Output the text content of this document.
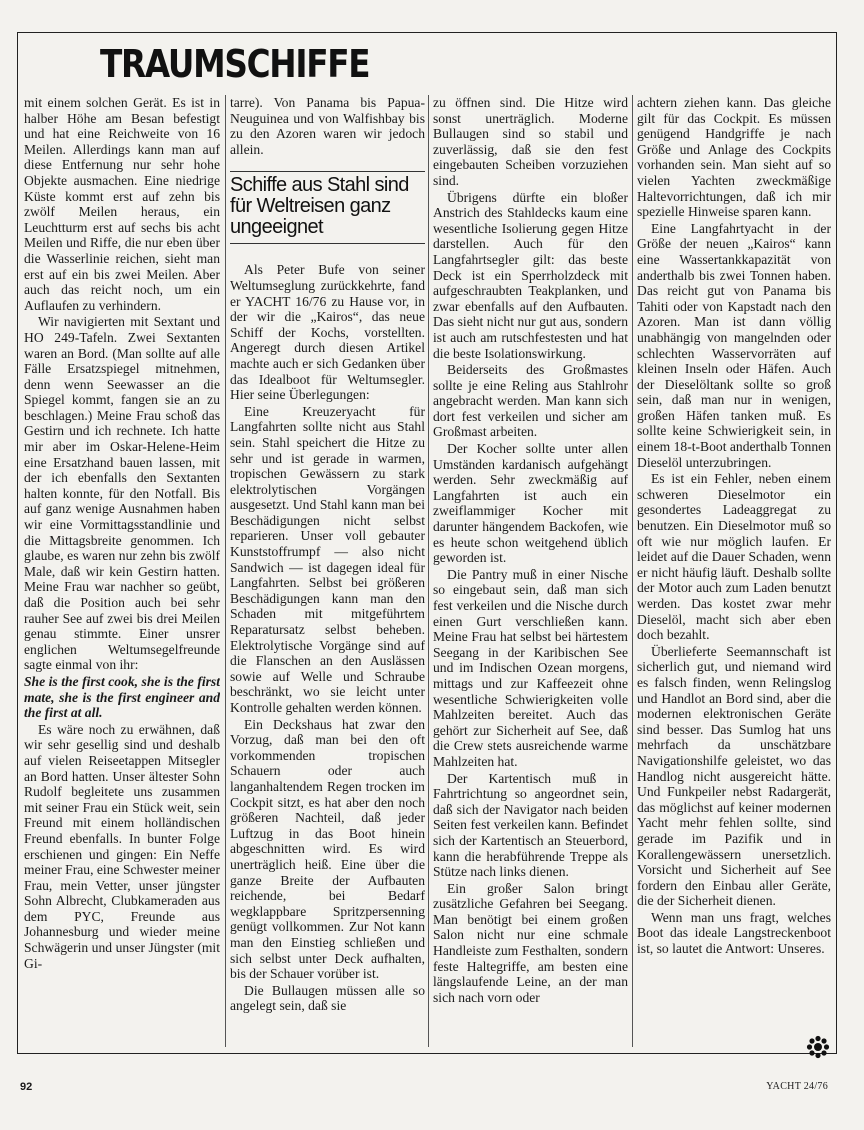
TRAUMSCHIFFE

mit einem solchen Gerät. Es ist in halber Höhe am Besan befestigt und hat eine Reichweite von 16 Meilen. Allerdings kann man auf diese Entfernung nur sehr hohe Objekte ausmachen. Eine niedrige Küste kommt erst auf zehn bis zwölf Meilen heraus, ein Leuchtturm erst auf sechs bis acht Meilen und Riffe, die nur eben über die Wasserlinie reichen, sieht man erst auf ein bis zwei Meilen. Aber auch das reicht noch, um ein Auflaufen zu verhindern.

Wir navigierten mit Sextant und HO 249-Tafeln. Zwei Sextanten waren an Bord. (Man sollte auf alle Fälle Ersatzspiegel mitnehmen, denn wenn Seewasser an die Spiegel kommt, fangen sie an zu beschlagen.) Meine Frau schoß das Gestirn und ich rechnete. Ich hatte mir aber im Oskar-Helene-Heim eine Ersatzhand bauen lassen, mit der ich ebenfalls den Sextanten halten konnte, für den Notfall. Bis auf ganz wenige Ausnahmen haben wir eine Vormittagsstandlinie und die Mittagsbreite genommen. Ich glaube, es waren nur zehn bis zwölf Male, daß wir kein Gestirn hatten. Meine Frau war nachher so geübt, daß die Position auch bei sehr rauher See auf zwei bis drei Meilen genau stimmte. Einer unsrer englichen Weltumsegelfreunde sagte einmal von ihr:

She is the first cook, she is the first mate, she is the first engineer and the first at all.

Es wäre noch zu erwähnen, daß wir sehr gesellig sind und deshalb auf vielen Reiseetappen Mitsegler an Bord hatten. Unser ältester Sohn Rudolf begleitete uns zusammen mit seiner Frau ein Stück weit, sein Freund mit einem holländischen Freund ebenfalls. In bunter Folge erschienen und gingen: Ein Neffe meiner Frau, eine Schwester meiner Frau, mein Vetter, unser jüngster Sohn Albrecht, Clubkameraden aus dem PYC, Freunde aus Johannesburg und wieder meine Schwägerin und unser Jüngster (mit Gi-

tarre). Von Panama bis Papua-Neuguinea und von Walfishbay bis zu den Azoren waren wir jedoch allein.

Schiffe aus Stahl sind für Weltreisen ganz ungeeignet

Als Peter Bufe von seiner Weltumseglung zurückkehrte, fand er YACHT 16/76 zu Hause vor, in der wir die „Kairos“, das neue Schiff der Kochs, vorstellten. Angeregt durch diesen Artikel machte auch er sich Gedanken über das Idealboot für Weltumsegler. Hier seine Überlegungen:

Eine Kreuzeryacht für Langfahrten sollte nicht aus Stahl sein. Stahl speichert die Hitze zu sehr und ist gerade in warmen, tropischen Gewässern zu stark elektrolytischen Vorgängen ausgesetzt. Und Stahl kann man bei Beschädigungen nicht selbst reparieren. Unser voll gebauter Kunststoffrumpf — also nicht Sandwich — ist dagegen ideal für Langfahrten. Selbst bei größeren Beschädigungen kann man den Schaden mit mitgeführtem Reparatursatz selbst beheben. Elektrolytische Vorgänge sind auf die Flanschen an den Auslässen sowie auf Welle und Schraube beschränkt, wo sie leicht unter Kontrolle gehalten werden können.

Ein Deckshaus hat zwar den Vorzug, daß man bei den oft vorkommenden tropischen Schauern oder auch langanhaltendem Regen trocken im Cockpit sitzt, es hat aber den noch größeren Nachteil, daß jeder Luftzug in das Boot hinein abgeschnitten wird. Es wird unerträglich heiß. Eine über die ganze Breite der Aufbauten reichende, bei Bedarf wegklappbare Spritzpersenning genügt vollkommen. Zur Not kann man den Einstieg schließen und sich selbst unter Deck aufhalten, bis der Schauer vorüber ist.

Die Bullaugen müssen alle so angelegt sein, daß sie

zu öffnen sind. Die Hitze wird sonst unerträglich. Moderne Bullaugen sind so stabil und zuverlässig, daß sie den fest eingebauten Scheiben vorzuziehen sind.

Übrigens dürfte ein bloßer Anstrich des Stahldecks kaum eine wesentliche Isolierung gegen Hitze darstellen. Auch für den Langfahrtsegler gilt: das beste Deck ist ein Sperrholzdeck mit aufgeschraubten Teakplanken, und zwar ebenfalls auf den Aufbauten. Das sieht nicht nur gut aus, sondern ist auch am rutschfestesten und hat die beste Isolationswirkung.

Beiderseits des Großmastes sollte je eine Reling aus Stahlrohr angebracht werden. Man kann sich dort fest verkeilen und sicher am Großmast arbeiten.

Der Kocher sollte unter allen Umständen kardanisch aufgehängt werden. Sehr zweckmäßig auf Langfahrten ist auch ein zweiflammiger Kocher mit darunter hängendem Backofen, wie es heute schon weitgehend üblich geworden ist.

Die Pantry muß in einer Nische so eingebaut sein, daß man sich fest verkeilen und die Nische durch einen Gurt verschließen kann. Meine Frau hat selbst bei härtestem Seegang in der Karibischen See und im Indischen Ozean morgens, mittags und zur Kaffeezeit ohne wesentliche Schwierigkeiten volle Mahlzeiten bereitet. Auch das gehört zur Sicherheit auf See, daß die Crew stets ausreichende warme Mahlzeiten hat.

Der Kartentisch muß in Fahrtrichtung so angeordnet sein, daß sich der Navigator nach beiden Seiten fest verkeilen kann. Befindet sich der Kartentisch an Steuerbord, kann die herabführende Treppe als Stütze nach links dienen.

Ein großer Salon bringt zusätzliche Gefahren bei Seegang. Man benötigt bei einem großen Salon nicht nur eine schmale Handleiste zum Festhalten, sondern feste Haltegriffe, am besten eine längslaufende Leine, an der man sich nach vorn oder

achtern ziehen kann. Das gleiche gilt für das Cockpit. Es müssen genügend Handgriffe je nach Größe und Anlage des Cockpits vorhanden sein. Man sieht auf so vielen Yachten zweckmäßige Haltevorrichtungen, daß ich mir spezielle Hinweise sparen kann.

Eine Langfahrtyacht in der Größe der neuen „Kairos“ kann eine Wassertankkapazität von anderthalb bis zwei Tonnen haben. Das reicht gut von Panama bis Tahiti oder von Kapstadt nach den Azoren. Man ist dann völlig unabhängig von mangelnden oder schlechten Wasservorräten auf kleinen Inseln oder Häfen. Auch der Dieselöltank sollte so groß sein, daß man nur in wenigen, großen Häfen tanken muß. Es sollte keine Schwierigkeit sein, in einem 18-t-Boot anderthalb Tonnen Dieselöl unterzubringen.

Es ist ein Fehler, neben einem schweren Dieselmotor ein gesondertes Ladeaggregat zu benutzen. Ein Dieselmotor muß so oft wie nur möglich laufen. Er leidet auf die Dauer Schaden, wenn er nicht häufig läuft. Deshalb sollte der Motor auch zum Laden benutzt werden. Das kostet zwar mehr Dieselöl, macht sich aber eben doch bezahlt.

Überlieferte Seemannschaft ist sicherlich gut, und niemand wird es falsch finden, wenn Relingslog und Handlot an Bord sind, aber die modernen elektronischen Geräte sind besser. Das Sumlog hat uns mehrfach da unschätzbare Navigationshilfe geleistet, wo das Handlog nicht ausgereicht hätte. Und Funkpeiler nebst Radargerät, das möglichst auf keiner modernen Yacht mehr fehlen sollte, sind gerade im Pazifik und in Korallengewässern unersetzlich. Vorsicht und Sicherheit auf See fordern den Einbau aller Geräte, die der Sicherheit dienen.

Wenn man uns fragt, welches Boot das ideale Langstreckenboot ist, so lautet die Antwort: Unseres.

92	YACHT 24/76
